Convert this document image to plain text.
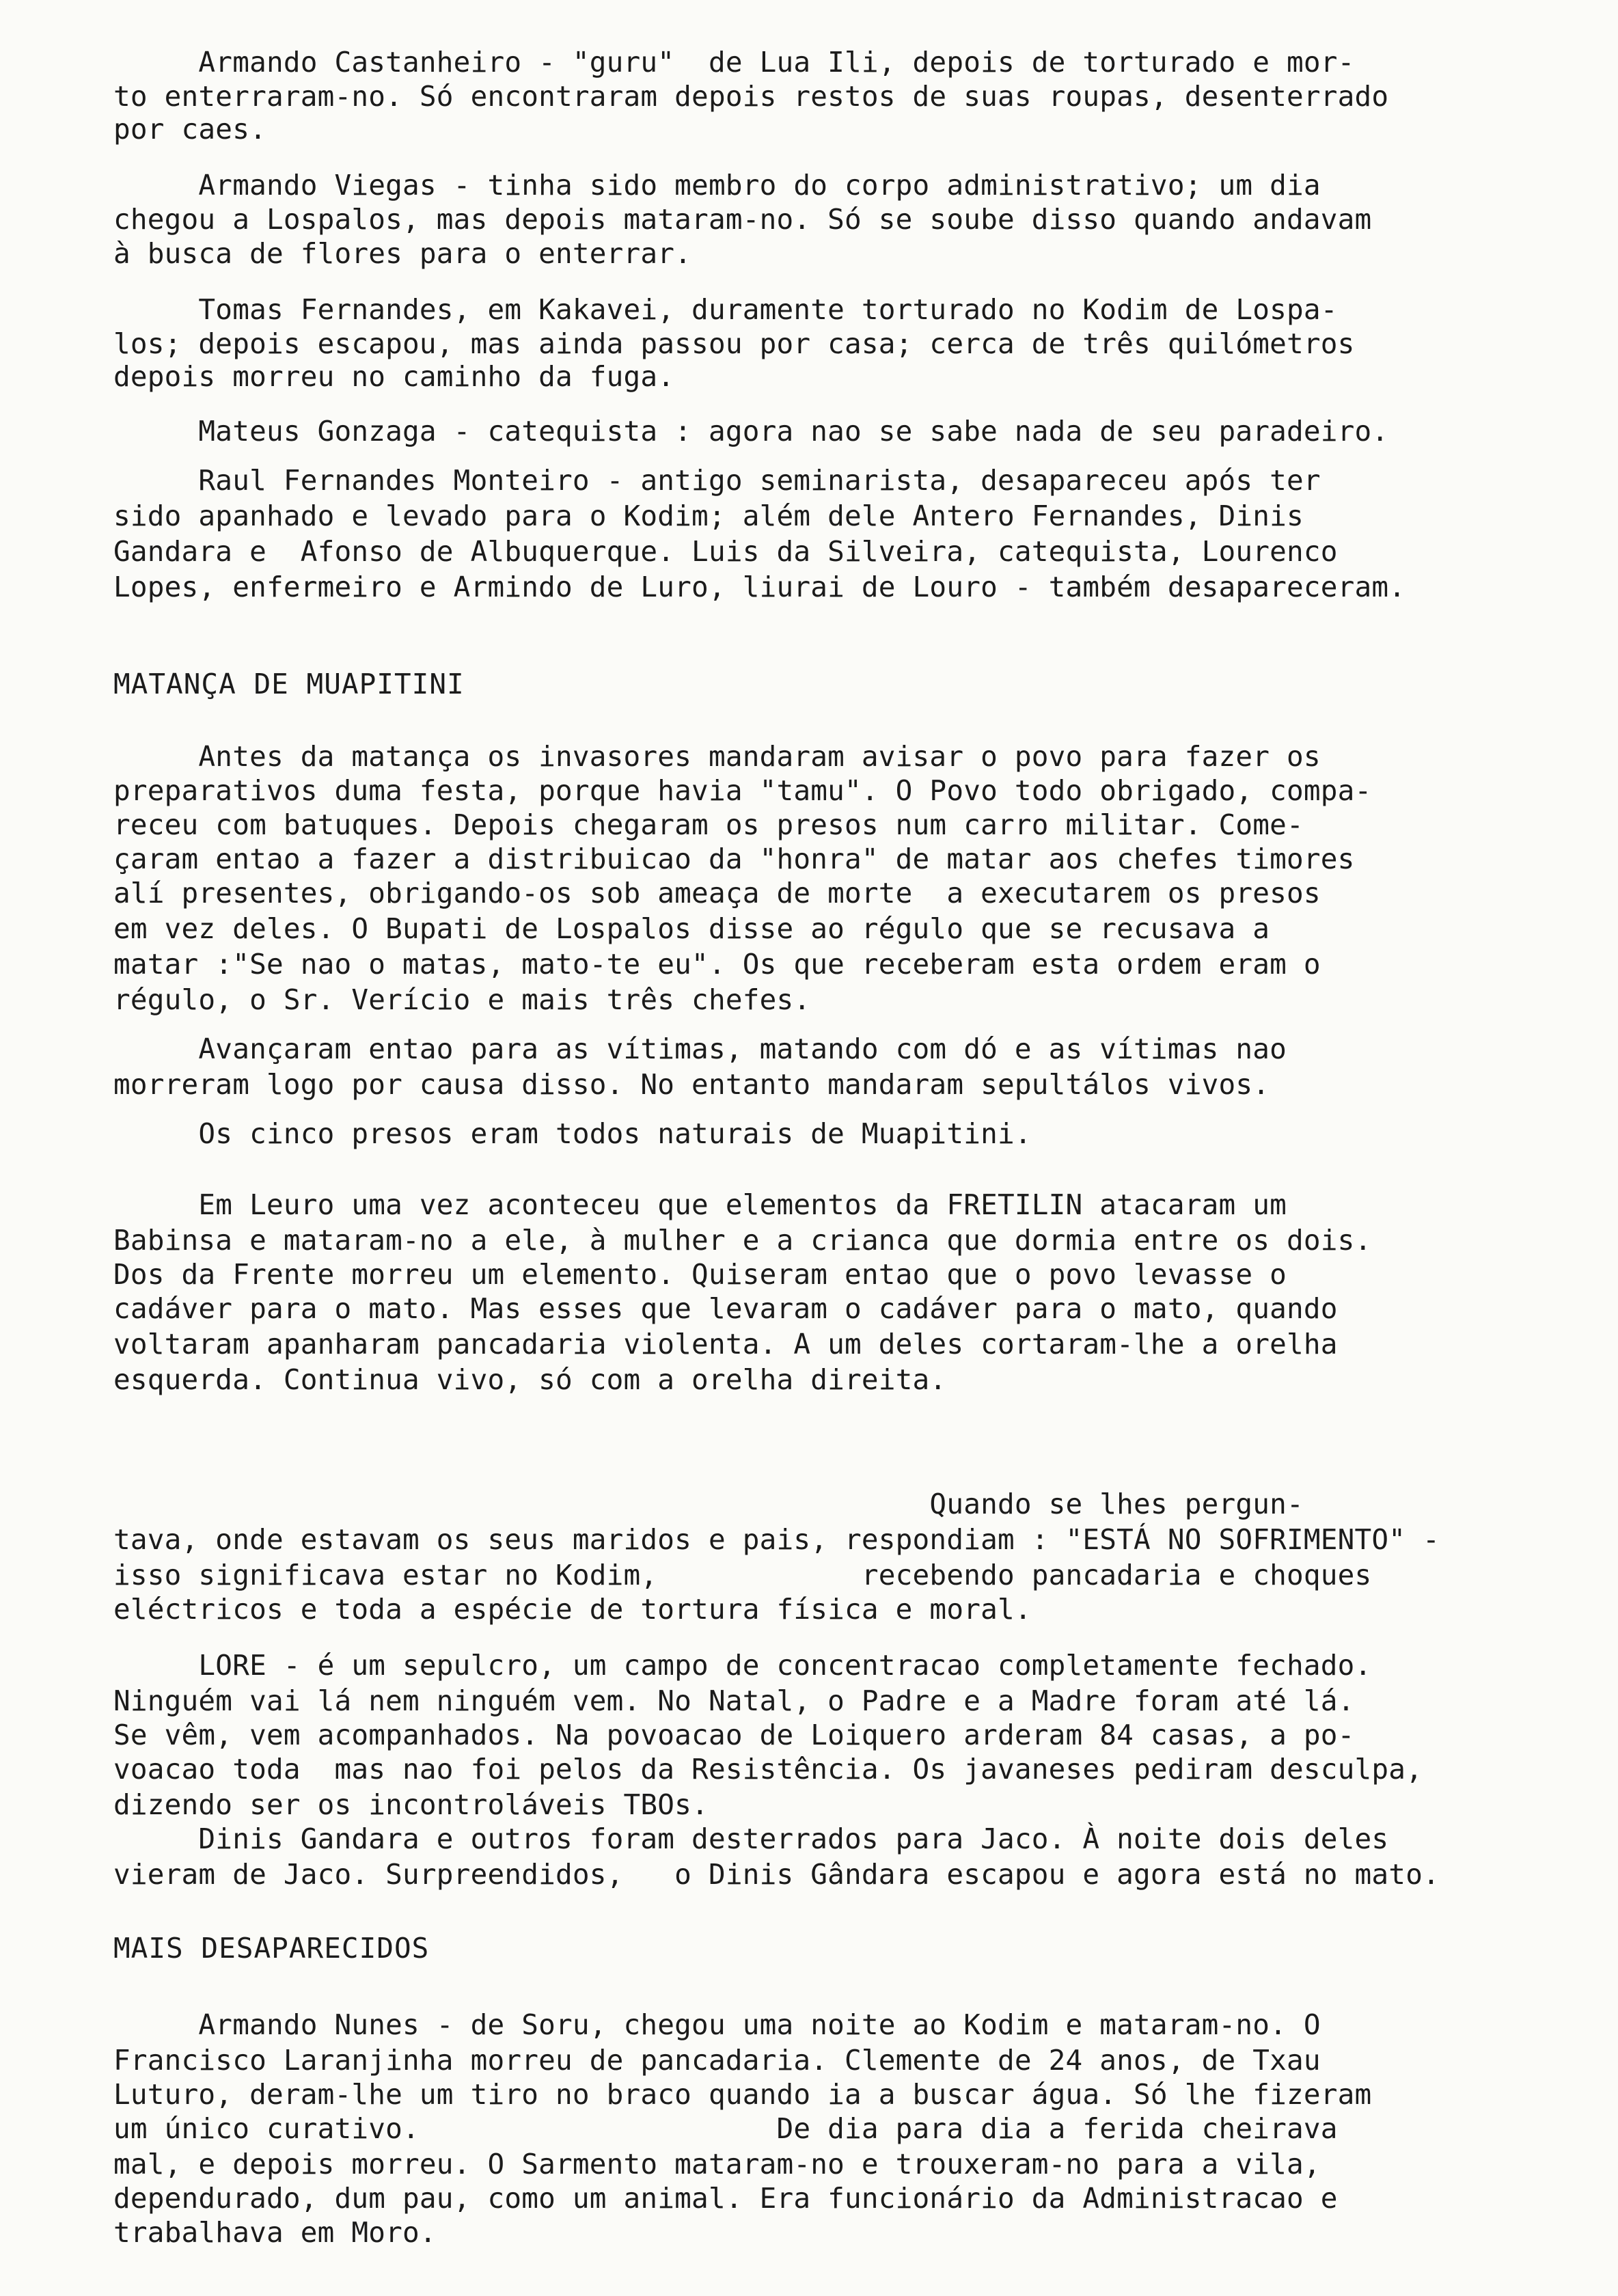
Armando Castanheiro - "guru"  de Lua Ili, depois de torturado e mor-
to enterraram-no. Só encontraram depois restos de suas roupas, desenterrado
por caes.
Armando Viegas - tinha sido membro do corpo administrativo; um dia
chegou a Lospalos, mas depois mataram-no. Só se soube disso quando andavam
à busca de flores para o enterrar.
Tomas Fernandes, em Kakavei, duramente torturado no Kodim de Lospa-
los; depois escapou, mas ainda passou por casa; cerca de três quilómetros
depois morreu no caminho da fuga.
Mateus Gonzaga - catequista : agora nao se sabe nada de seu paradeiro.
Raul Fernandes Monteiro - antigo seminarista, desapareceu após ter
sido apanhado e levado para o Kodim; além dele Antero Fernandes, Dinis
Gandara e  Afonso de Albuquerque. Luis da Silveira, catequista, Lourenco
Lopes, enfermeiro e Armindo de Luro, liurai de Louro - também desapareceram.
MATANÇA DE MUAPITINI
Antes da matança os invasores mandaram avisar o povo para fazer os
preparativos duma festa, porque havia "tamu". O Povo todo obrigado, compa-
receu com batuques. Depois chegaram os presos num carro militar. Come-
çaram entao a fazer a distribuicao da "honra" de matar aos chefes timores
alí presentes, obrigando-os sob ameaça de morte  a executarem os presos
em vez deles. O Bupati de Lospalos disse ao régulo que se recusava a
matar :"Se nao o matas, mato-te eu". Os que receberam esta ordem eram o
régulo, o Sr. Verício e mais três chefes.
Avançaram entao para as vítimas, matando com dó e as vítimas nao
morreram logo por causa disso. No entanto mandaram sepultálos vivos.
Os cinco presos eram todos naturais de Muapitini.
Em Leuro uma vez aconteceu que elementos da FRETILIN atacaram um
Babinsa e mataram-no a ele, à mulher e a crianca que dormia entre os dois.
Dos da Frente morreu um elemento. Quiseram entao que o povo levasse o
cadáver para o mato. Mas esses que levaram o cadáver para o mato, quando
voltaram apanharam pancadaria violenta. A um deles cortaram-lhe a orelha
esquerda. Continua vivo, só com a orelha direita.
Quando se lhes pergun-
tava, onde estavam os seus maridos e pais, respondiam : "ESTÁ NO SOFRIMENTO" -
isso significava estar no Kodim,            recebendo pancadaria e choques
eléctricos e toda a espécie de tortura física e moral.
LORE - é um sepulcro, um campo de concentracao completamente fechado.
Ninguém vai lá nem ninguém vem. No Natal, o Padre e a Madre foram até lá.
Se vêm, vem acompanhados. Na povoacao de Loiquero arderam 84 casas, a po-
voacao toda  mas nao foi pelos da Resistência. Os javaneses pediram desculpa,
dizendo ser os incontroláveis TBOs.
Dinis Gandara e outros foram desterrados para Jaco. À noite dois deles
vieram de Jaco. Surpreendidos,   o Dinis Gândara escapou e agora está no mato.
MAIS DESAPARECIDOS
Armando Nunes - de Soru, chegou uma noite ao Kodim e mataram-no. O
Francisco Laranjinha morreu de pancadaria. Clemente de 24 anos, de Txau
Luturo, deram-lhe um tiro no braco quando ia a buscar água. Só lhe fizeram
um único curativo.                     De dia para dia a ferida cheirava
mal, e depois morreu. O Sarmento mataram-no e trouxeram-no para a vila,
dependurado, dum pau, como um animal. Era funcionário da Administracao e
trabalhava em Moro.
